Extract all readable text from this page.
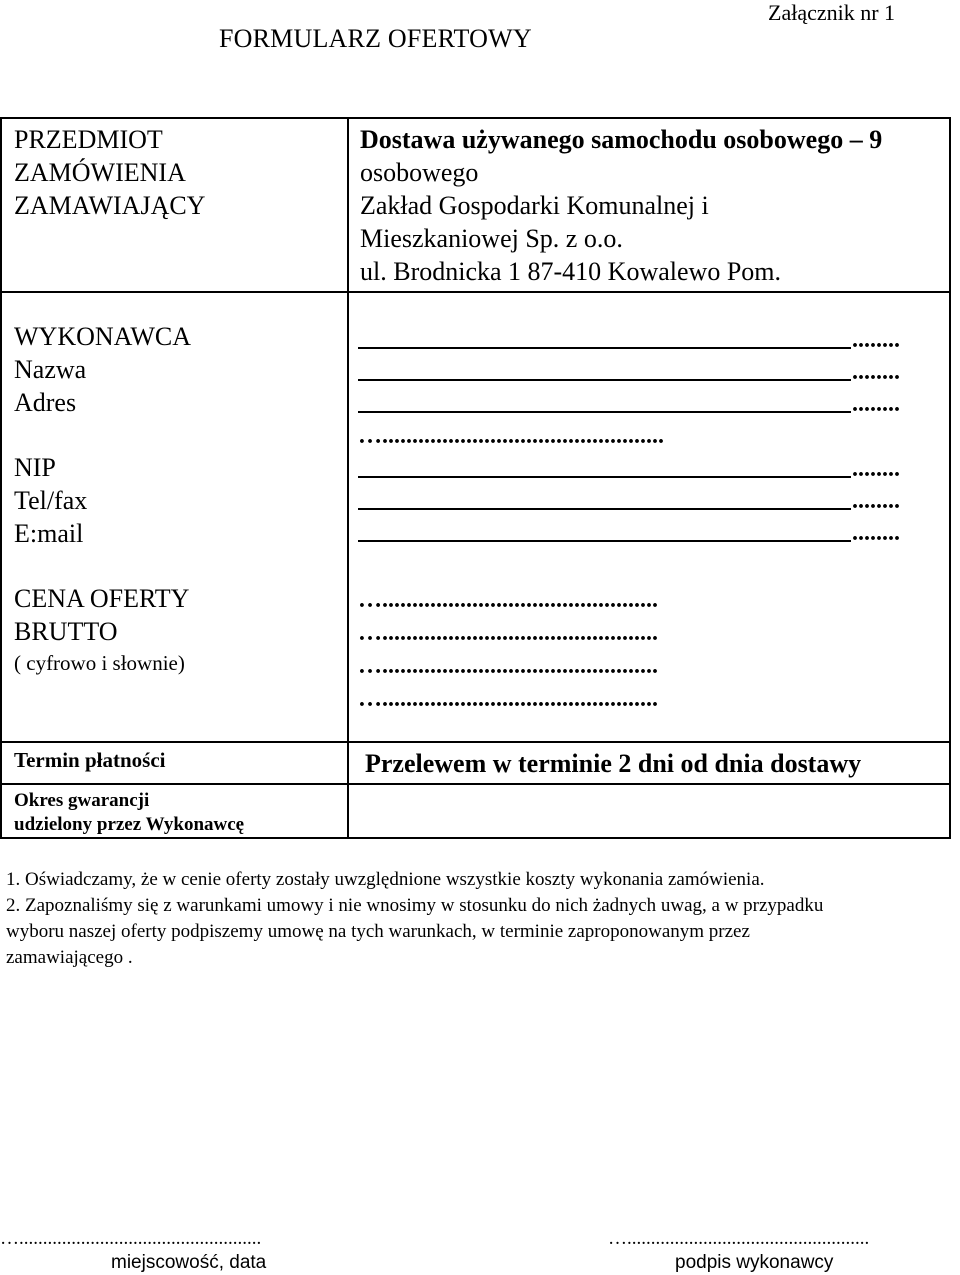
Załącznik nr 1
FORMULARZ OFERTOWY
PRZEDMIOT
ZAMÓWIENIA
ZAMAWIAJĄCY
Dostawa używanego samochodu osobowego – 9
osobowego
Zakład Gospodarki Komunalnej i
Mieszkaniowej Sp. z o.o.
ul. Brodnicka 1 87-410 Kowalewo Pom.
WYKONAWCA
Nazwa
Adres
NIP
Tel/fax
E:mail
........
........
........
…...............................................
........
........
........
CENA OFERTY
BRUTTO
( cyfrowo i słownie)
…..............................................
…..............................................
…..............................................
…..............................................
Termin płatności	Przelewem w terminie 2 dni od dnia dostawy
Okres gwarancji
udzielony przez Wykonawcę
1. Oświadczamy, że w cenie oferty zostały uwzględnione wszystkie koszty wykonania zamówienia.
2. Zapoznaliśmy się z warunkami umowy i nie wnosimy w stosunku do nich żadnych uwag, a w przypadku
wyboru naszej oferty podpiszemy umowę na tych warunkach, w terminie zaproponowanym przez
zamawiającego .
…...................................................
miejscowość, data
…...................................................
podpis wykonawcy
